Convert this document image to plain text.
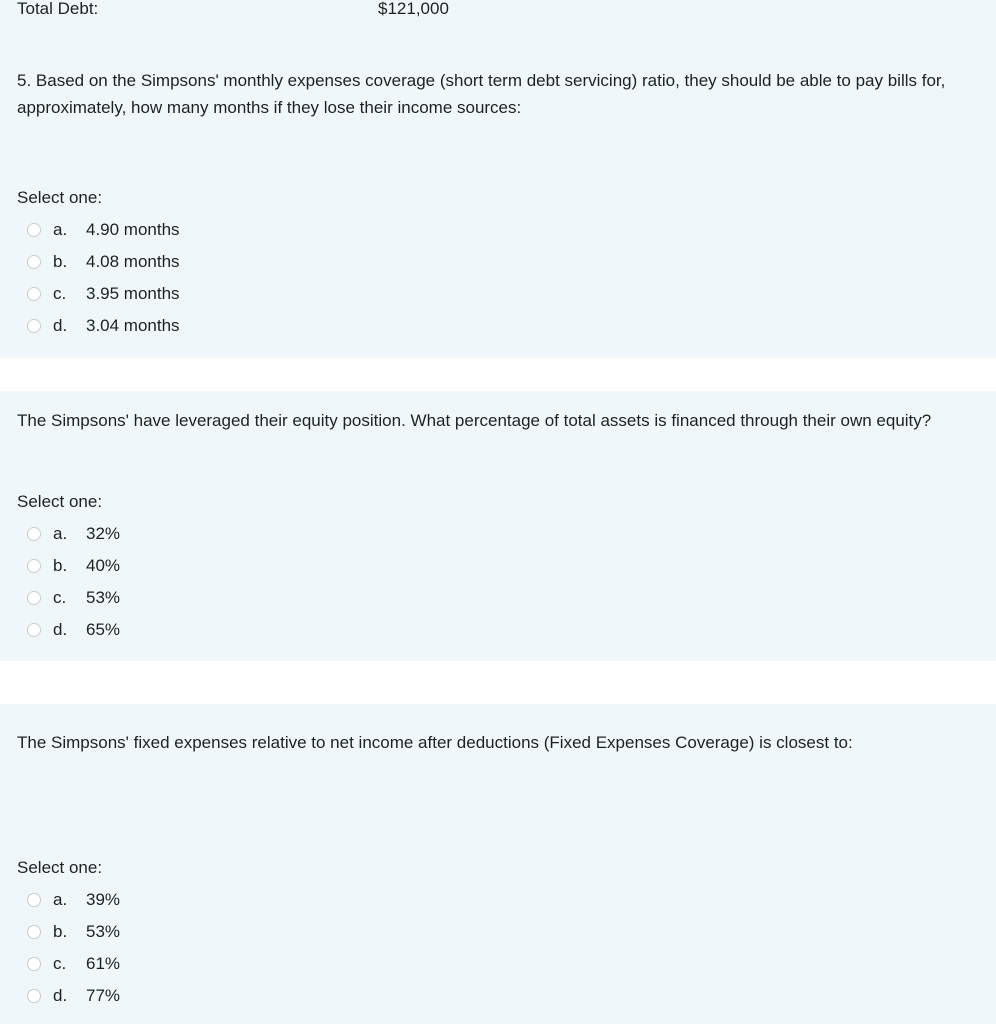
Total Debt:	$121,000
5. Based on the Simpsons' monthly expenses coverage (short term debt servicing) ratio, they should be able to pay bills for, approximately, how many months if they lose their income sources:
Select one:
a.	4.90 months
b.	4.08 months
c.	3.95 months
d.	3.04 months
The Simpsons' have leveraged their equity position. What percentage of total assets is financed through their own equity?
Select one:
a.	32%
b.	40%
c.	53%
d.	65%
The Simpsons' fixed expenses relative to net income after deductions (Fixed Expenses Coverage) is closest to:
Select one:
a.	39%
b.	53%
c.	61%
d.	77%
